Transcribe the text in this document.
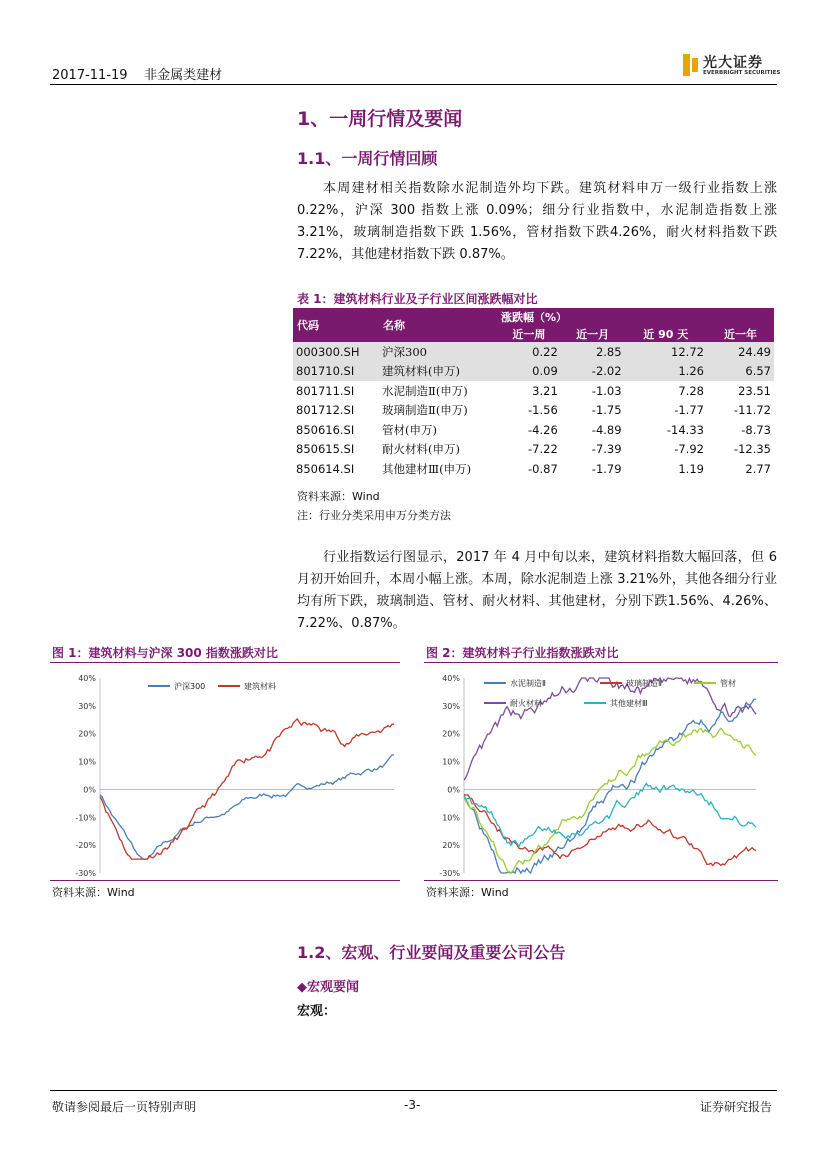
2017-11-19 非金属类建材
光大证券
EVERBRIGHT SECURITIES
1、一周行情及要闻
1.1、一周行情回顾
本周建材相关指数除水泥制造外均下跌。建筑材料申万一级行业指数上涨 0.22%，沪深 300 指数上涨 0.09%；细分行业指数中，水泥制造指数上涨 3.21%，玻璃制造指数下跌 1.56%，管材指数下跌4.26%，耐火材料指数下跌 7.22%，其他建材指数下跌 0.87%。
表 1：建筑材料行业及子行业区间涨跌幅对比
代码	名称	涨跌幅（%）			
		近一周	近一月	近 90 天	近一年
000300.SH	沪深300	0.22	2.85	12.72	24.49
801710.SI	建筑材料(申万)	0.09	-2.02	1.26	6.57
801711.SI	水泥制造Ⅱ(申万)	3.21	-1.03	7.28	23.51
801712.SI	玻璃制造Ⅱ(申万)	-1.56	-1.75	-1.77	-11.72
850616.SI	管材(申万)	-4.26	-4.89	-14.33	-8.73
850615.SI	耐火材料(申万)	-7.22	-7.39	-7.92	-12.35
850614.SI	其他建材Ⅲ(申万)	-0.87	-1.79	1.19	2.77
资料来源：Wind
注：行业分类采用申万分类方法
行业指数运行图显示，2017 年 4 月中旬以来，建筑材料指数大幅回落，但 6 月初开始回升，本周小幅上涨。本周，除水泥制造上涨 3.21%外，其他各细分行业均有所下跌，玻璃制造、管材、耐火材料、其他建材，分别下跌1.56%、4.26%、7.22%、0.87%。
图 1：建筑材料与沪深 300 指数涨跌对比
40%
30%
20%
10%
0%
-10%
-20%
-30%
沪深300	建筑材料
资料来源：Wind
图 2：建筑材料子行业指数涨跌对比
40%
30%
20%
10%
0%
10%
20%
-30%
水泥制造Ⅱ	玻璃制造Ⅱ	管材
耐火材料	其他建材Ⅲ
资料来源：Wind
1.2、宏观、行业要闻及重要公司公告
◆宏观要闻
宏观：
敬请参阅最后一页特别声明	-3-	证券研究报告
